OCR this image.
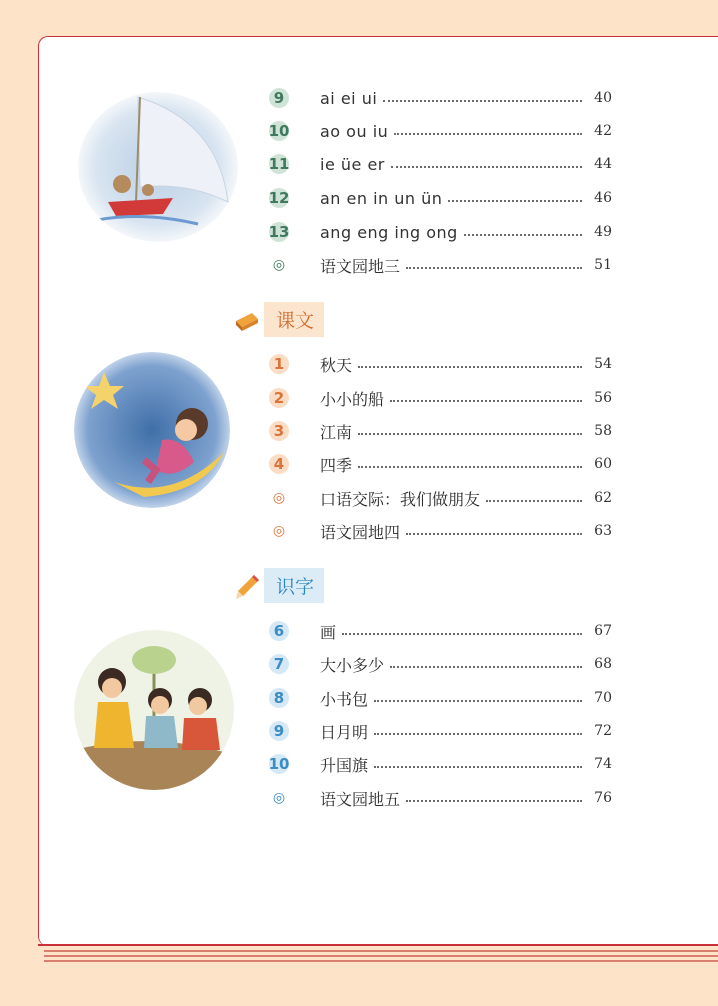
9 ai ei ui	40
10 ao ou iu	42
11 ie üe er	44
12 an en in un ün	46
13 ang eng ing ong	49
◎ 语文园地三	51
课文
1 秋天	54
2 小小的船	56
3 江南	58
4 四季	60
◎ 口语交际：我们做朋友	62
◎ 语文园地四	63
识字
6 画	67
7 大小多少	68
8 小书包	70
9 日月明	72
10 升国旗	74
◎ 语文园地五	76
